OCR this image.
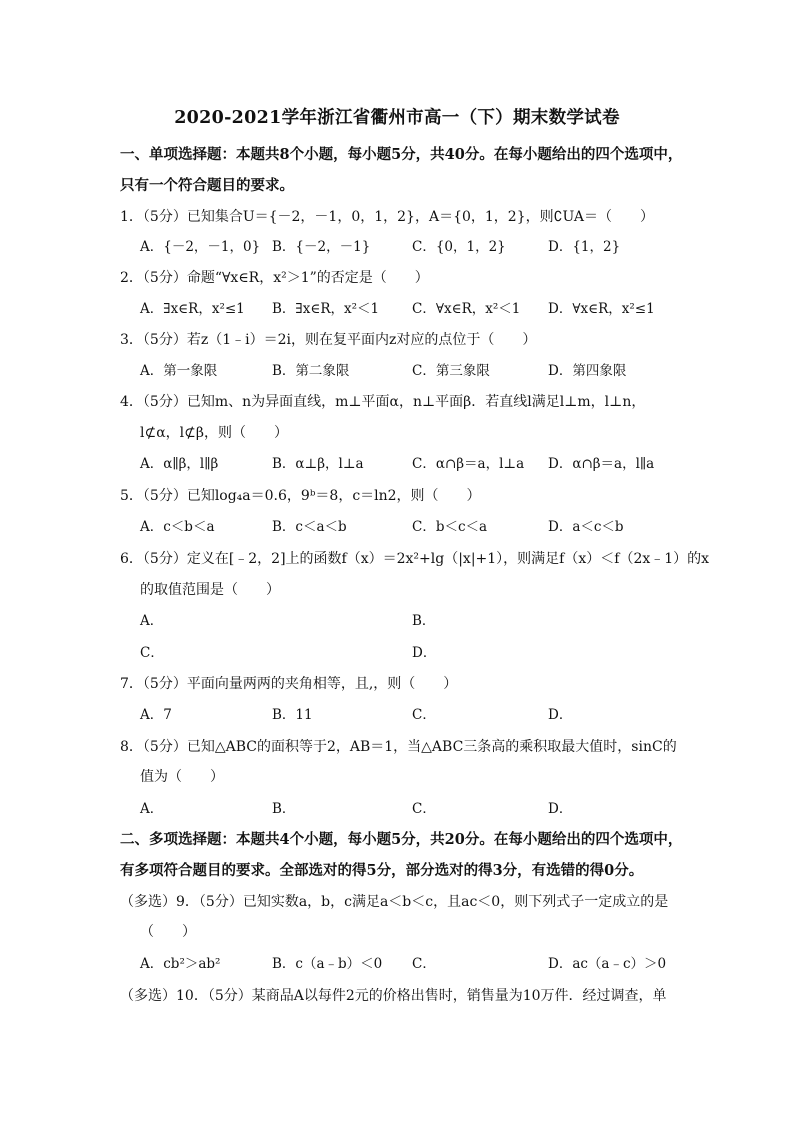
2020-2021学年浙江省衢州市高一（下）期末数学试卷
一、单项选择题：本题共8个小题，每小题5分，共40分。在每小题给出的四个选项中，
只有一个符合题目的要求。
1．（5分）已知集合U＝{－2，－1，0，1，2}，A＝{0，1，2}，则∁UA＝（　　）
A．{－2，－1，0} B．{－2，－1}	C．{0，1，2}	D．{1，2}
2．（5分）命题“∀x∈R，x²＞1”的否定是（　　）
A．∃x∈R，x²≤1 B．∃x∈R，x²＜1 C．∀x∈R，x²＜1 D．∀x∈R，x²≤1
3．（5分）若z（1﹣i）＝2i，则在复平面内z对应的点位于（　　）
A．第一象限	B．第二象限	C．第三象限	D．第四象限
4．（5分）已知m、n为异面直线，m⊥平面α，n⊥平面β．若直线l满足l⊥m，l⊥n，
l⊄α，l⊄β，则（　　）
A．α∥β，l∥β	B．α⊥β，l⊥a	C．α∩β＝a，l⊥a D．α∩β＝a，l∥a
5．（5分）已知log₄a＝0.6，9ᵇ＝8，c＝ln2，则（　　）
A．c＜b＜a	B．c＜a＜b	C．b＜c＜a	D．a＜c＜b
6．（5分）定义在[﹣2，2]上的函数f（x）＝2x²+lg（|x|+1），则满足f（x）＜f（2x﹣1）的x
的取值范围是（　　）
A．	B．
C．	D．
7．（5分）平面向量两两的夹角相等，且,，则（　　）
A．7	B．11	C．	D．
8．（5分）已知△ABC的面积等于2，AB＝1，当△ABC三条高的乘积取最大值时，sinC的
值为（　　）
A．	B．	C．	D．
二、多项选择题：本题共4个小题，每小题5分，共20分。在每小题给出的四个选项中，
有多项符合题目的要求。全部选对的得5分，部分选对的得3分，有选错的得0分。
（多选）9．（5分）已知实数a，b，c满足a＜b＜c，且ac＜0，则下列式子一定成立的是
（　　）
A．cb²＞ab²	B．c（a﹣b）＜0 C．	D．ac（a﹣c）＞0
（多选）10．（5分）某商品A以每件2元的价格出售时，销售量为10万件．经过调查，单
